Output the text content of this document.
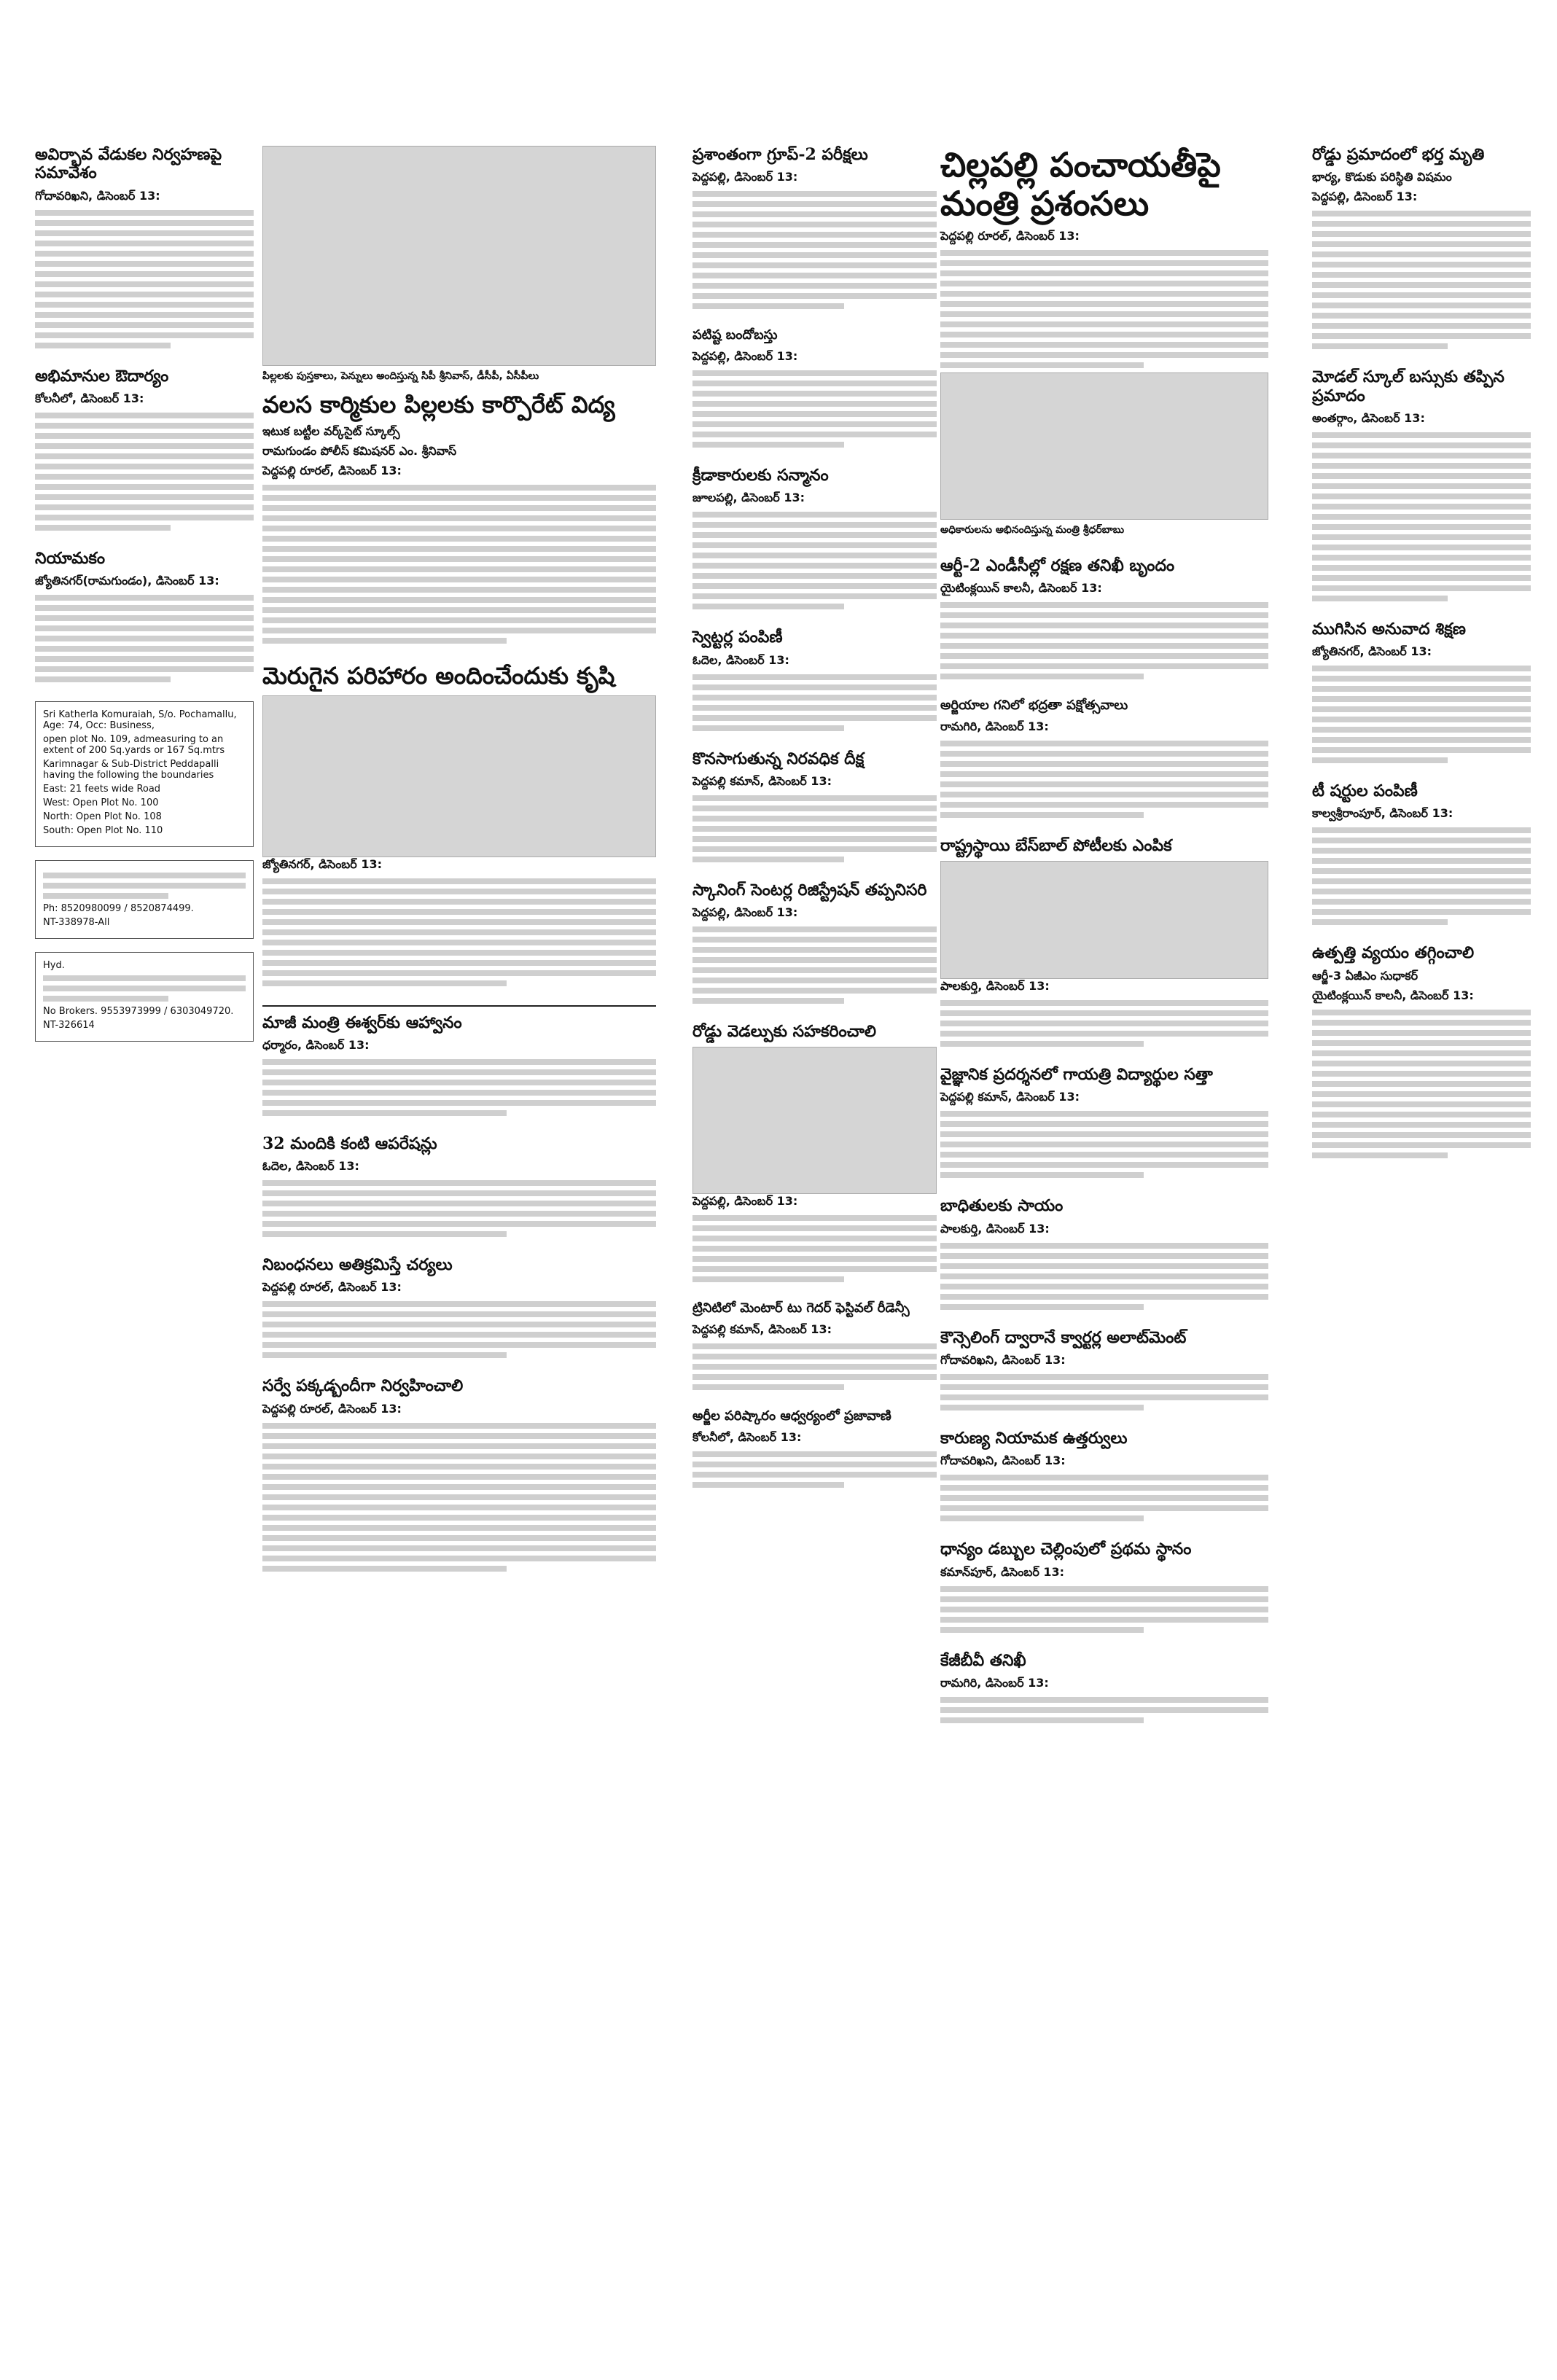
అవిర్భావ వేడుకల నిర్వహణపై సమావేశం
గోదావరిఖని, డిసెంబర్ 13:
అభిమానుల ఔదార్యం
కోలనీలో, డిసెంబర్ 13:
నియామకం
జ్యోతినగర్(రామగుండం), డిసెంబర్ 13:

Sri Katherla Komuraiah, S/o. Pochamallu, Age: 74, Occ: Business,

open plot No. 109, admeasuring to an extent of 200 Sq.yards or 167 Sq.mtrs

Karimnagar & Sub-District Peddapalli having the following the boundaries

East: 21 feets wide Road

West: Open Plot No. 100

North: Open Plot No. 108

South: Open Plot No. 110

Ph: 8520980099 / 8520874499.

NT-338978-All

Hyd.

No Brokers. 9553973999 / 6303049720.

NT-326614

పిల్లలకు పుస్తకాలు, పెన్నులు అందిస్తున్న సిపీ శ్రీనివాస్, డీసీపీ, ఏసీపీలు
వలస కార్మికుల పిల్లలకు కార్పొరేట్ విద్య
ఇటుక బట్టీల వర్క్‌సైట్ స్కూల్స్
రామగుండం పోలీస్ కమిషనర్ ఎం. శ్రీనివాస్
పెద్దపల్లి రూరల్, డిసెంబర్ 13:
మెరుగైన పరిహారం అందించేందుకు కృషి
జ్యోతినగర్, డిసెంబర్ 13:
మాజీ మంత్రి ఈశ్వర్‌కు ఆహ్వానం
ధర్మారం, డిసెంబర్ 13:
32 మందికి కంటి ఆపరేషన్లు
ఓదెల, డిసెంబర్ 13:
నిబంధనలు అతిక్రమిస్తే చర్యలు
పెద్దపల్లి రూరల్, డిసెంబర్ 13:
సర్వే పక్కడ్బందీగా నిర్వహించాలి
పెద్దపల్లి రూరల్, డిసెంబర్ 13:
ప్రశాంతంగా గ్రూప్-2 పరీక్షలు
పెద్దపల్లి, డిసెంబర్ 13:
పటిష్ట బందోబస్తు
పెద్దపల్లి, డిసెంబర్ 13:
క్రీడాకారులకు సన్మానం
జూలపల్లి, డిసెంబర్ 13:
స్వెట్టర్ల పంపిణీ
ఓదెల, డిసెంబర్ 13:
కొనసాగుతున్న నిరవధిక దీక్ష
పెద్దపల్లి కమాన్, డిసెంబర్ 13:
స్కానింగ్ సెంటర్ల రిజిస్ట్రేషన్ తప్పనిసరి
పెద్దపల్లి, డిసెంబర్ 13:
రోడ్డు వెడల్పుకు సహకరించాలి
పెద్దపల్లి, డిసెంబర్ 13:
ట్రినిటిలో మెంటార్ టు గెదర్ ఫెస్టివల్ రీడెన్సీ
పెద్దపల్లి కమాన్, డిసెంబర్ 13:
అర్జీల పరిష్కారం ఆధ్వర్యంలో ప్రజావాణి
కోలనీలో, డిసెంబర్ 13:
చిల్లపల్లి పంచాయతీపై మంత్రి ప్రశంసలు
పెద్దపల్లి రూరల్, డిసెంబర్ 13:
అధికారులను అభినందిస్తున్న మంత్రి శ్రీధర్‌బాబు
ఆర్టీ-2 ఎండీసీల్లో రక్షణ తనిఖీ బృందం
యైటింక్లయిన్ కాలనీ, డిసెంబర్ 13:
అర్జియాల గనిలో భద్రతా పక్షోత్సవాలు
రామగిరి, డిసెంబర్ 13:
రాష్ట్రస్థాయి బేస్‌బాల్ పోటీలకు ఎంపిక
పాలకుర్తి, డిసెంబర్ 13:
వైజ్ఞానిక ప్రదర్శనలో గాయత్రి విద్యార్థుల సత్తా
పెద్దపల్లి కమాన్, డిసెంబర్ 13:
బాధితులకు సాయం
పాలకుర్తి, డిసెంబర్ 13:
కౌన్సెలింగ్ ద్వారానే క్వార్టర్ల అలాట్‌మెంట్
గోదావరిఖని, డిసెంబర్ 13:
కారుణ్య నియామక ఉత్తర్వులు
గోదావరిఖని, డిసెంబర్ 13:
ధాన్యం డబ్బుల చెల్లింపులో ప్రథమ స్థానం
కమాన్‌పూర్, డిసెంబర్ 13:
కేజీబీవీ తనిఖీ
రామగిరి, డిసెంబర్ 13:
రోడ్డు ప్రమాదంలో భర్త మృతి
భార్య, కొడుకు పరిస్థితి విషమం
పెద్దపల్లి, డిసెంబర్ 13:
మోడల్ స్కూల్ బస్సుకు తప్పిన ప్రమాదం
అంతర్గాం, డిసెంబర్ 13:
ముగిసిన అనువాద శిక్షణ
జ్యోతినగర్, డిసెంబర్ 13:
టీ షర్టుల పంపిణీ
కాల్వశ్రీరాంపూర్, డిసెంబర్ 13:
ఉత్పత్తి వ్యయం తగ్గించాలి
ఆర్జీ-3 ఏజీఎం సుధాకర్
యైటింక్లయిన్ కాలనీ, డిసెంబర్ 13:
